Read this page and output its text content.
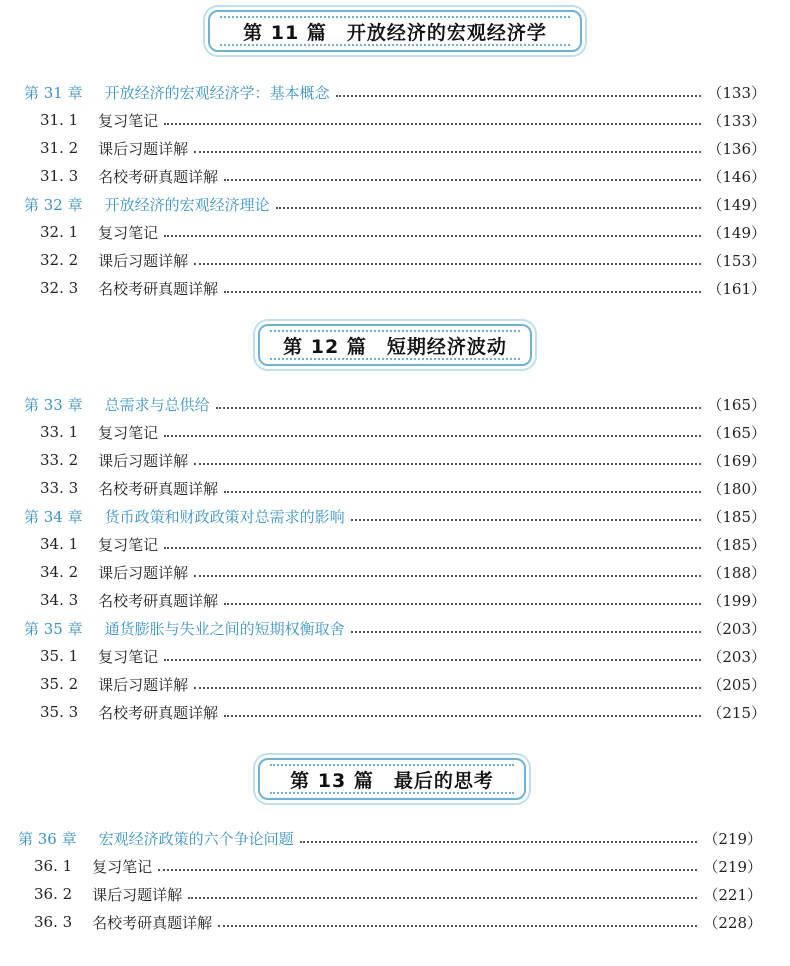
第 11 篇　开放经济的宏观经济学
第 12 篇　短期经济波动
第 13 篇　最后的思考
第 31 章 开放经济的宏观经济学：基本概念	（133）
31. 1 复习笔记	（133）
31. 2 课后习题详解	（136）
31. 3 名校考研真题详解	（146）
第 32 章 开放经济的宏观经济理论	（149）
32. 1 复习笔记	（149）
32. 2 课后习题详解	（153）
32. 3 名校考研真题详解	（161）
第 33 章 总需求与总供给	（165）
33. 1 复习笔记	（165）
33. 2 课后习题详解	（169）
33. 3 名校考研真题详解	（180）
第 34 章 货币政策和财政政策对总需求的影响	（185）
34. 1 复习笔记	（185）
34. 2 课后习题详解	（188）
34. 3 名校考研真题详解	（199）
第 35 章 通货膨胀与失业之间的短期权衡取舍	（203）
35. 1 复习笔记	（203）
35. 2 课后习题详解	（205）
35. 3 名校考研真题详解	（215）
第 36 章 宏观经济政策的六个争论问题	（219）
36. 1 复习笔记	（219）
36. 2 课后习题详解	（221）
36. 3 名校考研真题详解	（228）
